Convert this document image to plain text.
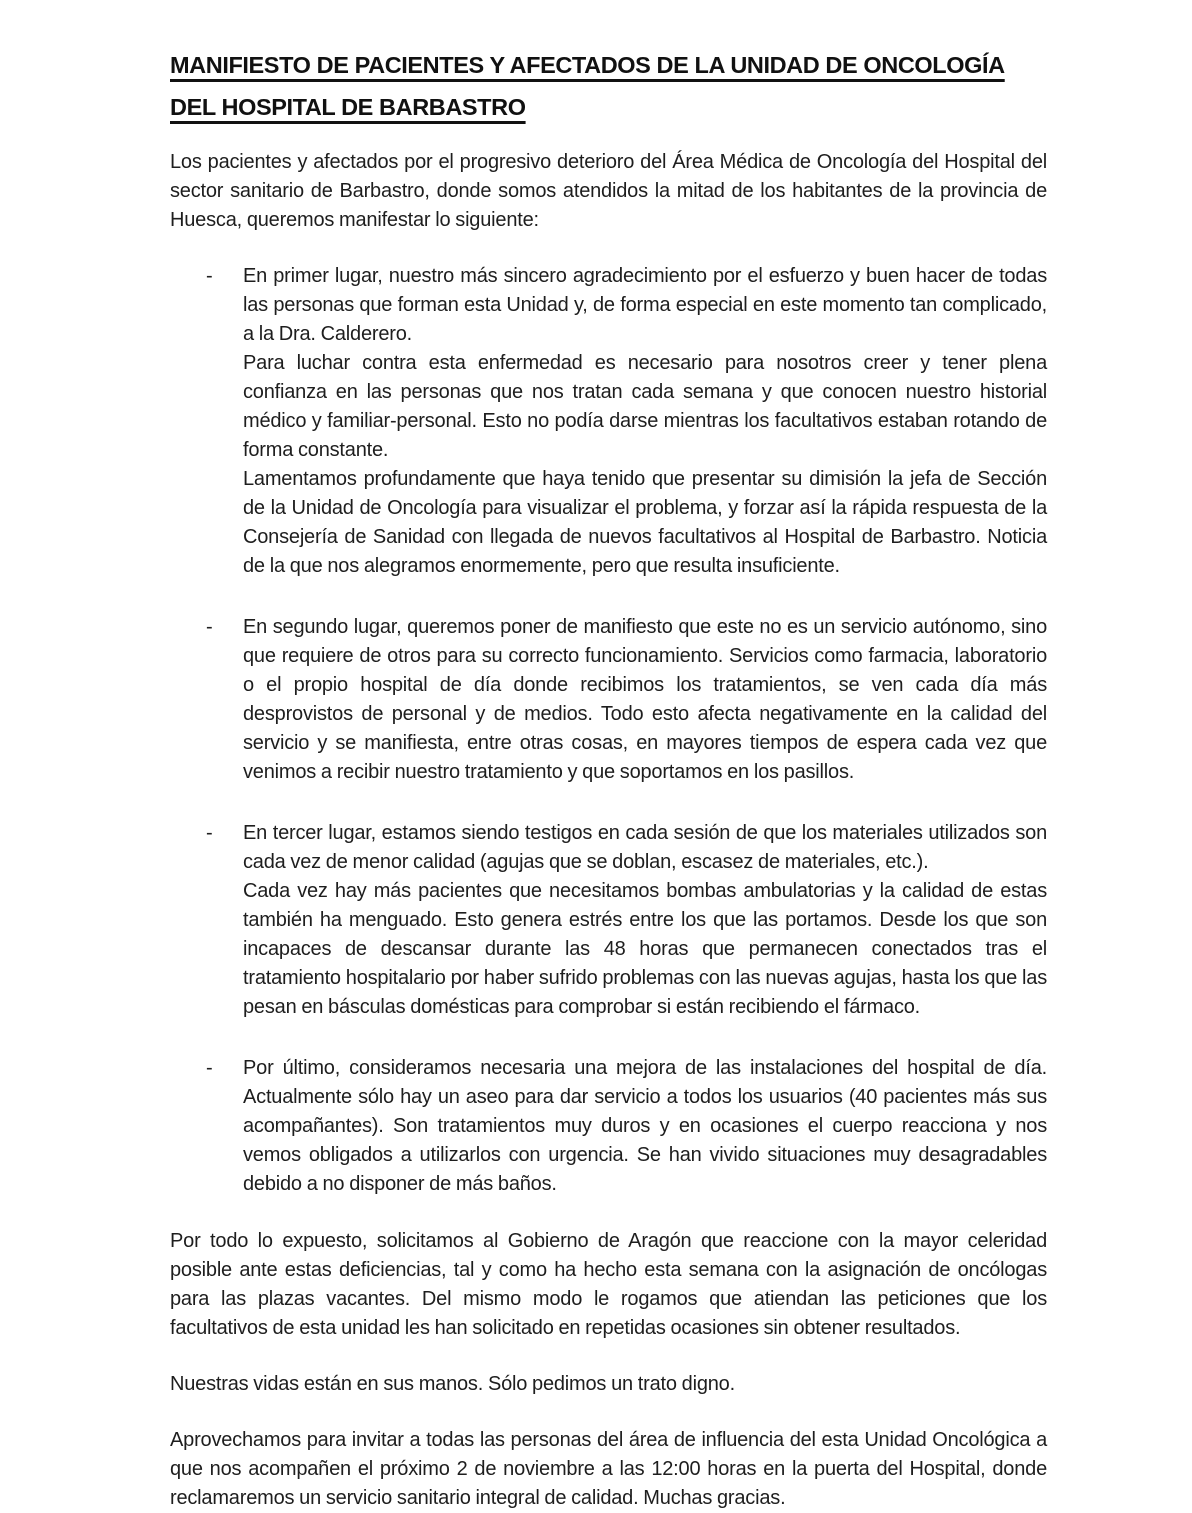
MANIFIESTO DE PACIENTES Y AFECTADOS DE LA UNIDAD DE ONCOLOGÍA
DEL HOSPITAL DE BARBASTRO

Los pacientes y afectados por el progresivo deterioro del Área Médica de Oncología del Hospital del sector sanitario de Barbastro, donde somos atendidos la mitad de los habitantes de la provincia de Huesca, queremos manifestar lo siguiente:

-	En primer lugar, nuestro más sincero agradecimiento por el esfuerzo y buen hacer de todas las personas que forman esta Unidad y, de forma especial en este momento tan complicado, a la Dra. Calderero.

Para luchar contra esta enfermedad es necesario para nosotros creer y tener plena confianza en las personas que nos tratan cada semana y que conocen nuestro historial médico y familiar-personal. Esto no podía darse mientras los facultativos estaban rotando de forma constante.

Lamentamos profundamente que haya tenido que presentar su dimisión la jefa de Sección de la Unidad de Oncología para visualizar el problema, y forzar así la rápida respuesta de la Consejería de Sanidad con llegada de nuevos facultativos al Hospital de Barbastro. Noticia de la que nos alegramos enormemente, pero que resulta insuficiente.

-	En segundo lugar, queremos poner de manifiesto que este no es un servicio autónomo, sino que requiere de otros para su correcto funcionamiento. Servicios como farmacia, laboratorio o el propio hospital de día donde recibimos los tratamientos, se ven cada día más desprovistos de personal y de medios. Todo esto afecta negativamente en la calidad del servicio y se manifiesta, entre otras cosas, en mayores tiempos de espera cada vez que venimos a recibir nuestro tratamiento y que soportamos en los pasillos.

-	En tercer lugar, estamos siendo testigos en cada sesión de que los materiales utilizados son cada vez de menor calidad (agujas que se doblan, escasez de materiales, etc.).

Cada vez hay más pacientes que necesitamos bombas ambulatorias y la calidad de estas también ha menguado. Esto genera estrés entre los que las portamos. Desde los que son incapaces de descansar durante las 48 horas que permanecen conectados tras el tratamiento hospitalario por haber sufrido problemas con las nuevas agujas, hasta los que las pesan en básculas domésticas para comprobar si están recibiendo el fármaco.

-	Por último, consideramos necesaria una mejora de las instalaciones del hospital de día. Actualmente sólo hay un aseo para dar servicio a todos los usuarios (40 pacientes más sus acompañantes). Son tratamientos muy duros y en ocasiones el cuerpo reacciona y nos vemos obligados a utilizarlos con urgencia. Se han vivido situaciones muy desagradables debido a no disponer de más baños.

Por todo lo expuesto, solicitamos al Gobierno de Aragón que reaccione con la mayor celeridad posible ante estas deficiencias, tal y como ha hecho esta semana con la asignación de oncólogas para las plazas vacantes. Del mismo modo le rogamos que atiendan las peticiones que los facultativos de esta unidad les han solicitado en repetidas ocasiones sin obtener resultados.

Nuestras vidas están en sus manos. Sólo pedimos un trato digno.

Aprovechamos para invitar a todas las personas del área de influencia del esta Unidad Oncológica a que nos acompañen el próximo 2 de noviembre a las 12:00 horas en la puerta del Hospital, donde reclamaremos un servicio sanitario integral de calidad. Muchas gracias.
